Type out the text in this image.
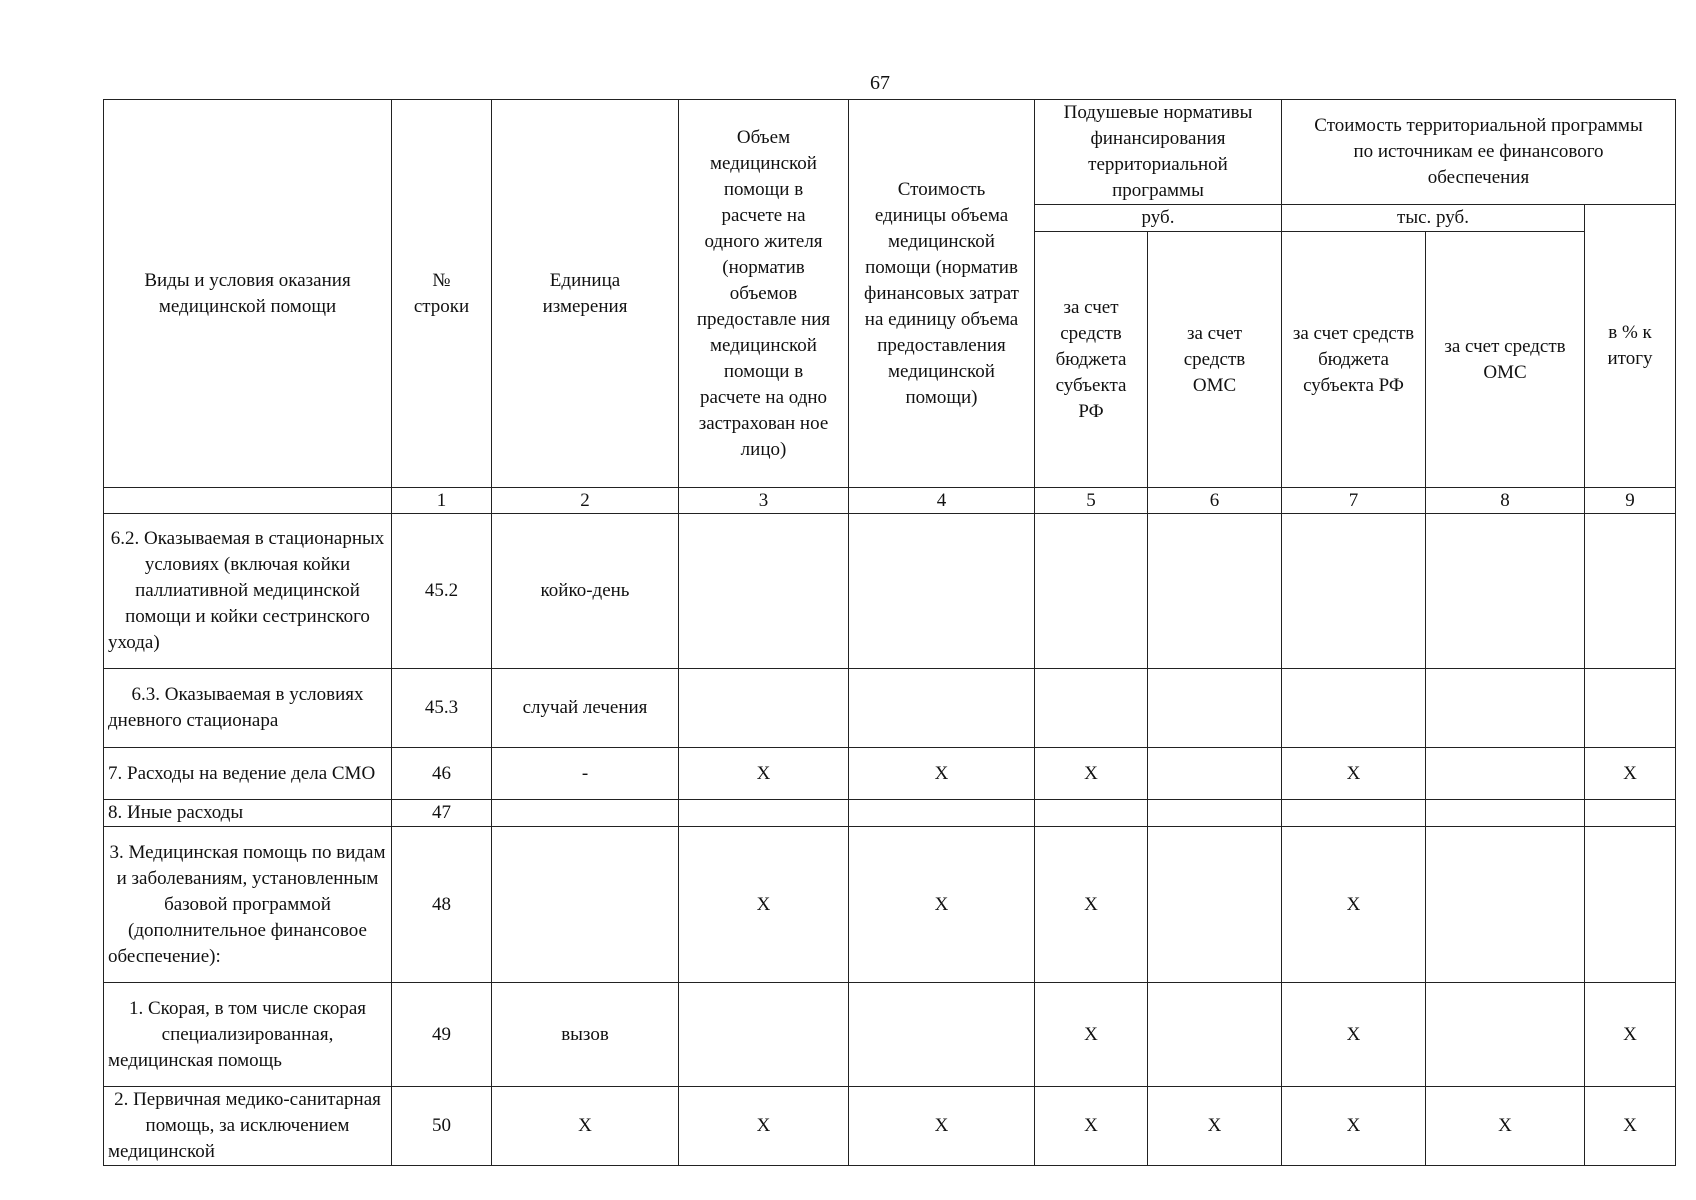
67
Виды и условия оказания медицинской помощи	№ строки	Единица измерения	Объем медицинской помощи в расчете на одного жителя (норматив объемов предоставле ния медицинской помощи в расчете на одно застрахован ное лицо)	Стоимость единицы объема медицинской помощи (норматив финансовых затрат на единицу объема предоставления медицинской помощи)	Подушевые нормативы финансирования территориальной программы		Стоимость территориальной программы по источникам ее финансового обеспечения		
					руб.		тыс. руб.		в % к итогу
					за счет средств бюджета субъекта РФ	за счет средств ОМС	за счет средств бюджета субъекта РФ	за счет средств ОМС	
	1	2	3	4	5	6	7	8	9
6.2. Оказываемая в стационарных условиях (включая койки паллиативной медицинской помощи и койки сестринского ухода)	45.2	койко-день							
6.3. Оказываемая в условиях дневного стационара	45.3	случай лечения							
7. Расходы на ведение дела СМО	46	-	X	X	X		X		X
8. Иные расходы	47								
3. Медицинская помощь по видам и заболеваниям, установленным базовой программой (дополнительное финансовое обеспечение):	48		X	X	X		X		
1. Скорая, в том числе скорая специализированная, медицинская помощь	49	вызов			X		X		X
2. Первичная медико-санитарная помощь, за исключением медицинской	50	X	X	X	X	X	X	X	X
